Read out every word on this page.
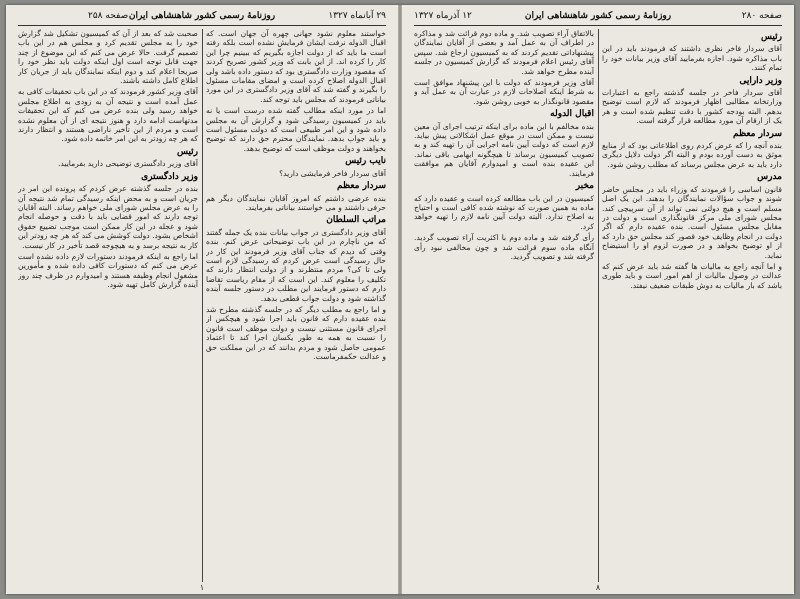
۲۹ آبانماه ۱۳۲۷
روزنامهٔ رسمی کشور شاهنشاهی ایران
صفحه ۲۵۸
خواستند معلوم نشود جهانی چهره آن جهان است. که اقبال الدوله نرفت ایشان فرمایش نشده است بلکه رفته است ما باید که از دولت اجازه بگیریم که ببینیم چرا این کار را کرده اند. از این بابت که وزیر کشور تصریح کردند که مقصود وزارت دادگستری بود که دستور داده باشد ولی اقبال الدوله اصلاح کرده است و امضای مقامات مسئول را بگیرند و گفته شد که آقای وزیر دادگستری در این مورد بیاناتی فرمودند که مجلس باید توجه کند.
اما در مورد اینکه مطالب گفته شده درست است یا نه باید در کمیسیون رسیدگی شود و گزارش آن به مجلس داده شود و این امر طبیعی است که دولت مسئول است و باید جواب بدهد. نمایندگان محترم حق دارند که توضیح بخواهند و دولت موظف است که توضیح بدهد.
نایب رئیس
آقای سردار فاخر فرمایشی دارید؟
سردار معظم
بنده عرضی داشتم که امروز آقایان نمایندگان دیگر هم حرفی داشتند و می خواستند بیاناتی بفرمایند.
مراتب السلطان
آقای وزیر دادگستری در جواب بیانات بنده یک جمله گفتند که من ناچارم در این باب توضیحاتی عرض کنم. بنده وقتی که دیدم که جناب آقای وزیر فرمودند این کار در حال رسیدگی است عرض کردم که رسیدگی لازم است ولی تا کی؟ مردم منتظرند و از دولت انتظار دارند که تکلیف را معلوم کند. این است که از مقام ریاست تقاضا دارم که دستور فرمایند این مطلب در دستور جلسه آینده گذاشته شود و دولت جواب قطعی بدهد.
و اما راجع به مطلب دیگر که در جلسه گذشته مطرح شد بنده عقیده دارم که قانون باید اجرا شود و هیچکس از اجرای قانون مستثنی نیست و دولت موظف است قانون را نسبت به همه به طور یکسان اجرا کند تا اعتماد عمومی حاصل شود و مردم بدانند که در این مملکت حق و عدالت حکمفرماست.
صحبت شد که بعد از آن که کمیسیون تشکیل شد گزارش خود را به مجلس تقدیم کرد و مجلس هم در این باب تصمیم گرفت. حالا عرض می کنم که این موضوع از چند جهت قابل توجه است اول اینکه دولت باید نظر خود را صریحا اعلام کند و دوم اینکه نمایندگان باید از جریان کار اطلاع کامل داشته باشند.
آقای وزیر کشور فرمودند که در این باب تحقیقات کافی به عمل آمده است و نتیجه آن به زودی به اطلاع مجلس خواهد رسید ولی بنده عرض می کنم که این تحقیقات مدتهاست ادامه دارد و هنوز نتیجه ای از آن معلوم نشده است و مردم از این تأخیر ناراضی هستند و انتظار دارند که هر چه زودتر به این امر خاتمه داده شود.
رئیس
آقای وزیر دادگستری توضیحی دارید بفرمایید.
وزیر دادگستری
بنده در جلسه گذشته عرض کردم که پرونده این امر در جریان است و به محض اینکه رسیدگی تمام شد نتیجه آن را به عرض مجلس شورای ملی خواهم رساند. البته آقایان توجه دارند که امور قضایی باید با دقت و حوصله انجام شود و عجله در این کار ممکن است موجب تضییع حقوق اشخاص بشود. دولت کوشش می کند که هر چه زودتر این کار به نتیجه برسد و به هیچوجه قصد تأخیر در کار نیست.
اما راجع به اینکه فرمودند دستورات لازم داده نشده است عرض می کنم که دستورات کافی داده شده و مأمورین مشغول انجام وظیفه هستند و امیدوارم در ظرف چند روز آینده گزارش کامل تهیه شود.
۱
صفحه ۲۸۰
روزنامهٔ رسمی کشور شاهنشاهی ایران
۱۲ آذرماه ۱۳۲۷
رئیس
آقای سردار فاخر نظری داشتند که فرمودند باید در این باب مذاکره شود. اجازه بفرمایید آقای وزیر بیانات خود را تمام کنند.
وزیر دارایی
آقای سردار فاخر در جلسه گذشته راجع به اعتبارات وزارتخانه مطالبی اظهار فرمودند که لازم است توضیح بدهم. البته بودجه کشور با دقت تنظیم شده است و هر یک از ارقام آن مورد مطالعه قرار گرفته است.
سردار معظم
بنده آنچه را که عرض کردم روی اطلاعاتی بود که از منابع موثق به دست آورده بودم و البته اگر دولت دلایل دیگری دارد باید به عرض مجلس برساند که مطلب روشن شود.
مدرس
قانون اساسی را فرمودند که وزراء باید در مجلس حاضر شوند و جواب سؤالات نمایندگان را بدهند. این یک اصل مسلم است و هیچ دولتی نمی تواند از آن سرپیچی کند. مجلس شورای ملی مرکز قانونگذاری است و دولت در مقابل مجلس مسئول است. بنده عقیده دارم که اگر دولت در انجام وظایف خود قصور کند مجلس حق دارد که از او توضیح بخواهد و در صورت لزوم او را استیضاح نماید.
و اما آنچه راجع به مالیات ها گفته شد باید عرض کنم که عدالت در وصول مالیات از اهم امور است و باید طوری باشد که بار مالیات به دوش طبقات ضعیف نیفتد.
بالاتفاق آراء تصویب شد. و ماده دوم قرائت شد و مذاکره در اطراف آن به عمل آمد و بعضی از آقایان نمایندگان پیشنهاداتی تقدیم کردند که به کمیسیون ارجاع شد. سپس آقای رئیس اعلام فرمودند که گزارش کمیسیون در جلسه آینده مطرح خواهد شد.
آقای وزیر فرمودند که دولت با این پیشنهاد موافق است به شرط اینکه اصلاحات لازم در عبارت آن به عمل آید و مقصود قانونگذار به خوبی روشن شود.
اقبال الدوله
بنده مخالفم با این ماده برای اینکه ترتیب اجرای آن معین نیست و ممکن است در موقع عمل اشکالاتی پیش بیاید. لازم است که دولت آیین نامه اجرایی آن را تهیه کند و به تصویب کمیسیون برساند تا هیچگونه ابهامی باقی نماند. این عقیده بنده است و امیدوارم آقایان هم موافقت فرمایند.
مخبر
کمیسیون در این باب مطالعه کرده است و عقیده دارد که ماده به همین صورت که نوشته شده کافی است و احتیاج به اصلاح ندارد. البته دولت آیین نامه لازم را تهیه خواهد کرد.
رأی گرفته شد و ماده دوم با اکثریت آراء تصویب گردید. آنگاه ماده سوم قرائت شد و چون مخالفی نبود رأی گرفته شد و تصویب گردید.
۸
